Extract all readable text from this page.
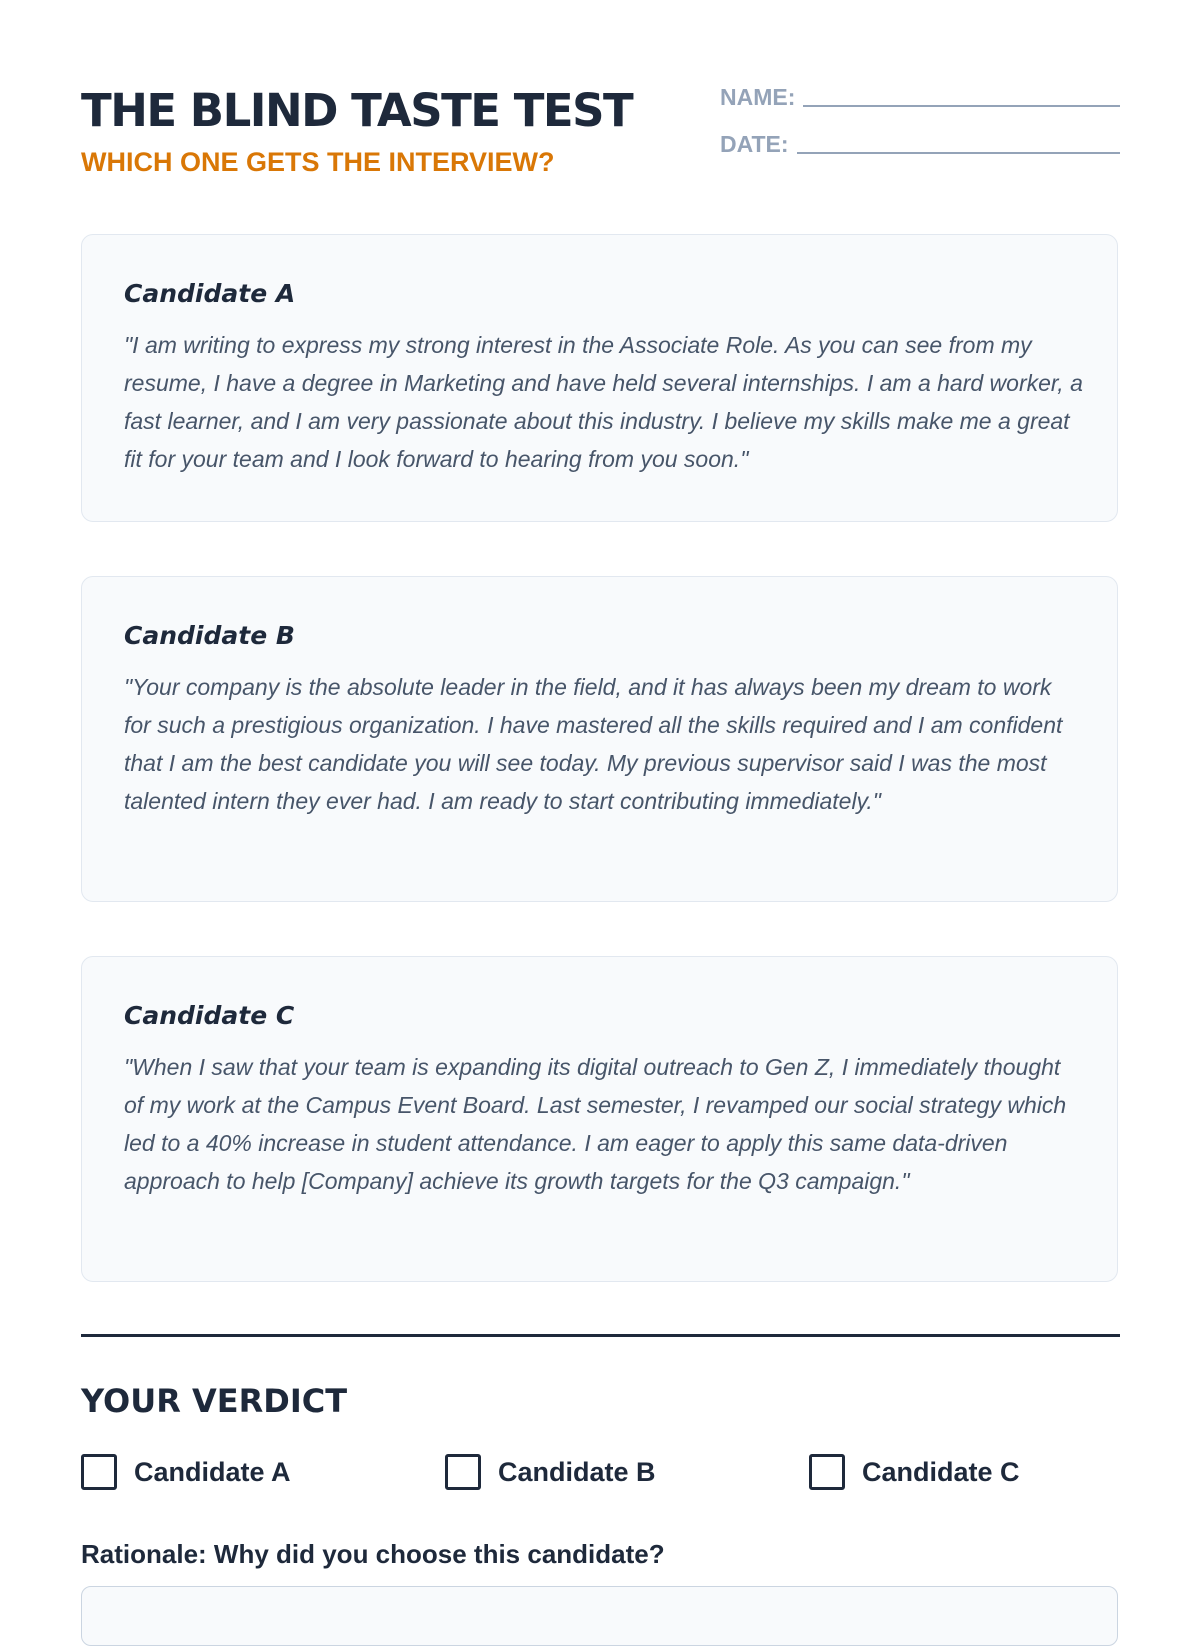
THE BLIND TASTE TEST
WHICH ONE GETS THE INTERVIEW?
NAME:
DATE:
Candidate A

"I am writing to express my strong interest in the Associate Role. As you can see from my resume, I have a degree in Marketing and have held several internships. I am a hard worker, a fast learner, and I am very passionate about this industry. I believe my skills make me a great fit for your team and I look forward to hearing from you soon."

Candidate B

"Your company is the absolute leader in the field, and it has always been my dream to work for such a prestigious organization. I have mastered all the skills required and I am confident that I am the best candidate you will see today. My previous supervisor said I was the most talented intern they ever had. I am ready to start contributing immediately."

Candidate C

"When I saw that your team is expanding its digital outreach to Gen Z, I immediately thought of my work at the Campus Event Board. Last semester, I revamped our social strategy which led to a 40% increase in student attendance. I am eager to apply this same data-driven approach to help [Company] achieve its growth targets for the Q3 campaign."

YOUR VERDICT
Candidate A	Candidate B	Candidate C
Rationale: Why did you choose this candidate?
